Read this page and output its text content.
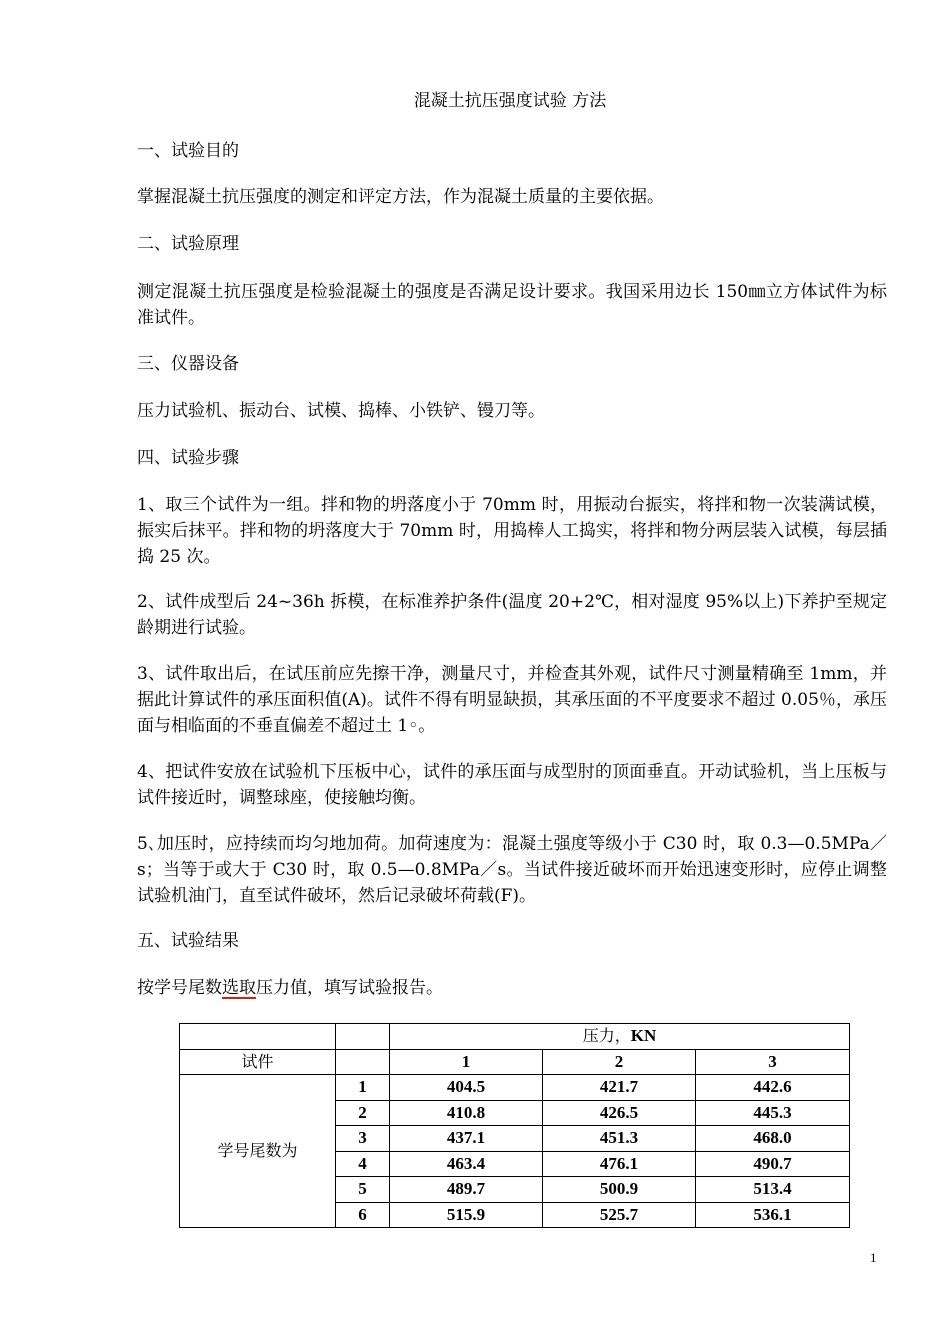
混凝土抗压强度试验 方法

一、试验目的

掌握混凝土抗压强度的测定和评定方法，作为混凝土质量的主要依据。

二、试验原理

测定混凝土抗压强度是检验混凝土的强度是否满足设计要求。我国采用边长 150㎜立方体试件为标准试件。

三、仪器设备

压力试验机、振动台、试模、捣棒、小铁铲、镘刀等。

四、试验步骤

1、取三个试件为一组。拌和物的坍落度小于 70mm 时，用振动台振实，将拌和物一次装满试模，振实后抹平。拌和物的坍落度大于 70mm 时，用捣棒人工捣实，将拌和物分两层装入试模，每层插捣 25 次。

2、试件成型后 24~36h 拆模，在标准养护条件(温度 20+2℃，相对湿度 95%以上)下养护至规定龄期进行试验。

3、试件取出后，在试压前应先擦干净，测量尺寸，并检查其外观，试件尺寸测量精确至 1mm，并据此计算试件的承压面积值(A)。试件不得有明显缺损，其承压面的不平度要求不超过 0.05％，承压面与相临面的不垂直偏差不超过土 1◦。

4、把试件安放在试验机下压板中心，试件的承压面与成型肘的顶面垂直。开动试验机，当上压板与试件接近时，调整球座，使接触均衡。

5､加压时，应持续而均匀地加荷。加荷速度为：混凝土强度等级小于 C30 时，取 0.3—0.5MPa／s；当等于或大于 C30 时，取 0.5—0.8MPa／s。当试件接近破坏而开始迅速变形时，应停止调整试验机油门，直至试件破坏，然后记录破坏荷载(F)。

五、试验结果

按学号尾数选取压力值，填写试验报告。

		压力，KN		
试件		1	2	3
学号尾数为	1	404.5	421.7	442.6
	2	410.8	426.5	445.3
	3	437.1	451.3	468.0
	4	463.4	476.1	490.7
	5	489.7	500.9	513.4
	6	515.9	525.7	536.1
1
